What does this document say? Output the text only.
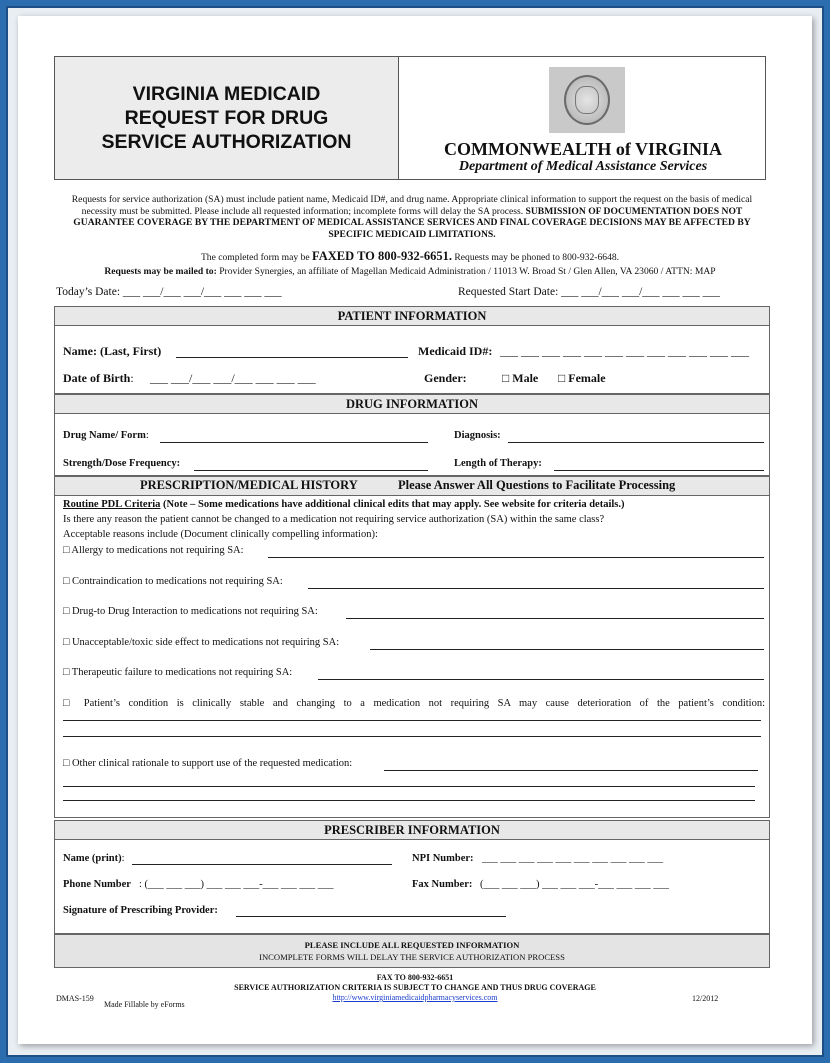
VIRGINIA MEDICAID
REQUEST FOR DRUG
SERVICE AUTHORIZATION	COMMONWEALTH of VIRGINIA
Department of Medical Assistance Services
Requests for service authorization (SA) must include patient name, Medicaid ID#, and drug name. Appropriate clinical information to support the request on the basis of medical necessity must be submitted. Please include all requested information; incomplete forms will delay the SA process. SUBMISSION OF DOCUMENTATION DOES NOT GUARANTEE COVERAGE BY THE DEPARTMENT OF MEDICAL ASSISTANCE SERVICES AND FINAL COVERAGE DECISIONS MAY BE AFFECTED BY SPECIFIC MEDICAID LIMITATIONS.
The completed form may be FAXED TO 800-932-6651. Requests may be phoned to 800-932-6648.
Requests may be mailed to: Provider Synergies, an affiliate of Magellan Medicaid Administration / 11013 W. Broad St / Glen Allen, VA 23060 / ATTN: MAP
Today’s Date: ___ ___/___ ___/___ ___ ___ ___	Requested Start Date: ___ ___/___ ___/___ ___ ___ ___
PATIENT INFORMATION
Name: (Last, First)	Medicaid ID#: ___ ___ ___ ___ ___ ___ ___ ___ ___ ___ ___ ___
Date of Birth: ___ ___/___ ___/___ ___ ___ ___	Gender:	□ Male □ Female
DRUG INFORMATION
Drug Name/ Form:	Diagnosis:
Strength/Dose Frequency:	Length of Therapy:
PRESCRIPTION/MEDICAL HISTORY	Please Answer All Questions to Facilitate Processing
Routine PDL Criteria (Note – Some medications have additional clinical edits that may apply. See website for criteria details.)
Is there any reason the patient cannot be changed to a medication not requiring service authorization (SA) within the same class?
Acceptable reasons include (Document clinically compelling information):
□ Allergy to medications not requiring SA:
□ Contraindication to medications not requiring SA:
□ Drug-to Drug Interaction to medications not requiring SA:
□ Unacceptable/toxic side effect to medications not requiring SA:
□ Therapeutic failure to medications not requiring SA:
□ Patient’s condition is clinically stable and changing to a medication not requiring SA may cause deterioration of the patient’s condition:
□ Other clinical rationale to support use of the requested medication:
PRESCRIBER INFORMATION
Name (print):	NPI Number: ___ ___ ___ ___ ___ ___ ___ ___ ___ ___
Phone Number : (___ ___ ___) ___ ___ ___-___ ___ ___ ___	Fax Number: (___ ___ ___) ___ ___ ___-___ ___ ___ ___
Signature of Prescribing Provider:
PLEASE INCLUDE ALL REQUESTED INFORMATION
INCOMPLETE FORMS WILL DELAY THE SERVICE AUTHORIZATION PROCESS
FAX TO 800-932-6651
SERVICE AUTHORIZATION CRITERIA IS SUBJECT TO CHANGE AND THUS DRUG COVERAGE
http://www.virginiamedicaidpharmacyservices.com
DMAS-159
Made Fillable by eForms
12/2012
